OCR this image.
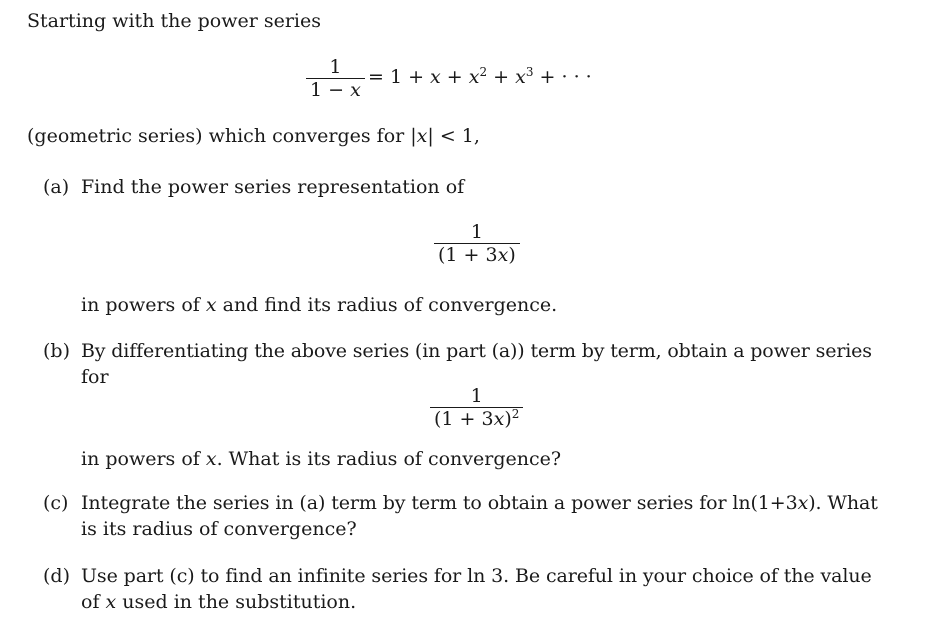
Starting with the power series
1
1 − x
= $1 + x + x^2 + x^3$ + · · ·
(geometric series) which converges for |x| < 1,
(a) Find the power series representation of
1
(1 + 3x)
in powers of x and find its radius of convergence.
(b) By differentiating the above series (in part (a)) term by term, obtain a power series
for
1
$(1 + 3x)^2$
in powers of x. What is its radius of convergence?
(c) Integrate the series in (a) term by term to obtain a power series for ln(1+3x). What
is its radius of convergence?
(d) Use part (c) to find an infinite series for ln 3. Be careful in your choice of the value
of x used in the substitution.
